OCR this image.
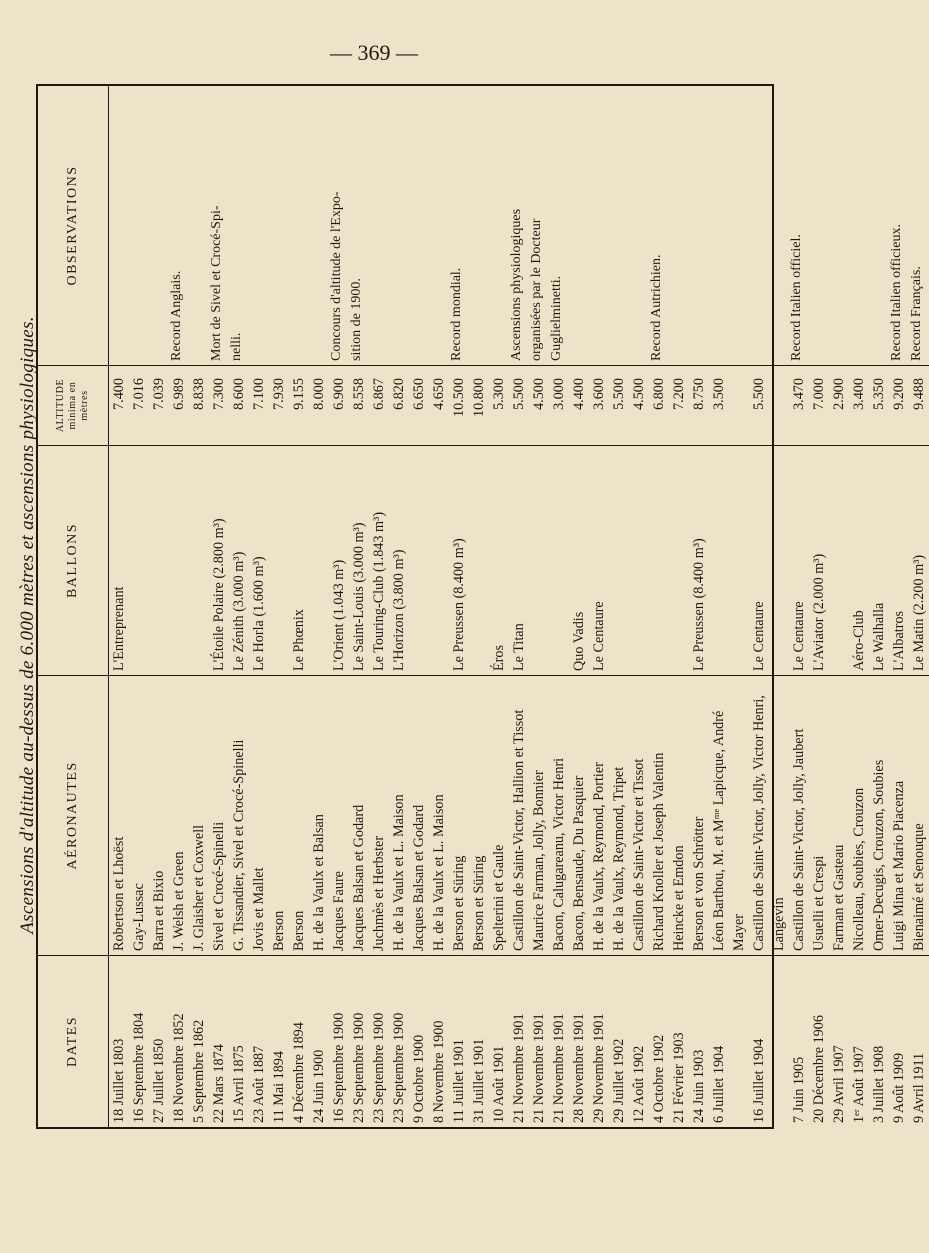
Ascensions d'altitude au-dessus de 6.000 mètres et ascensions physiologiques.
— 369 —
DATES
AÉRONAUTES
BALLONS
ALTITUDE minima en mètres
OBSERVATIONS
18 Juillet 1803
Robertson et Lhoëst
L'Entreprenant
7.400
16 Septembre 1804
Gay-Lussac
7.016
27 Juillet 1850
Barra et Bixio
7.039
18 Novembre 1852
J. Welsh et Green
6.989
Record Anglais.
5 Septembre 1862
J. Glaisher et Coxwell
8.838
22 Mars 1874
Sivel et Crocé-Spinelli
L'Étoile Polaire (2.800 m³)
7.300
Mort de Sivel et Crocé-Spi-
15 Avril 1875
G. Tissandier, Sivel et Crocé-Spinelli
Le Zénith (3.000 m³)
8.600
nelli.
23 Août 1887
Jovis et Mallet
Le Horla (1.600 m³)
7.100
11 Mai 1894
Berson
7.930
4 Décembre 1894
Berson
Le Phœnix
9.155
24 Juin 1900
H. de la Vaulx et Balsan
8.000
16 Septembre 1900
Jacques Faure
L'Orient (1.043 m³)
6.900
Concours d'altitude de l'Expo-
23 Septembre 1900
Jacques Balsan et Godard
Le Saint-Louis (3.000 m³)
8.558
sition de 1900.
23 Septembre 1900
Juchmès et Herbster
Le Touring-Club (1.843 m³)
6.867
23 Septembre 1900
H. de la Vaulx et L. Maison
L'Horizon (3.800 m³)
6.820
9 Octobre 1900
Jacques Balsan et Godard
6.650
8 Novembre 1900
H. de la Vaulx et L. Maison
4.650
11 Juillet 1901
Berson et Süring
Le Preussen (8.400 m³)
10.500
Record mondial.
31 Juillet 1901
Berson et Süring
10.800
10 Août 1901
Spelterini et Gaule
Éros
5.300
21 Novembre 1901
Castillon de Saint-Victor, Hallion et Tissot
Le Titan
5.500
Ascensions physiologiques
21 Novembre 1901
Maurice Farman, Jolly, Bonnier
4.500
organisées par le Docteur
21 Novembre 1901
Bacon, Calugareanu, Victor Henri
3.000
Guglielminetti.
28 Novembre 1901
Bacon, Bensaude, Du Pasquier
Quo Vadis
4.400
29 Novembre 1901
H. de la Vaulx, Reymond, Portier
Le Centaure
3.600
29 Juillet 1902
H. de la Vaulx, Reymond, Tripet
5.500
12 Août 1902
Castillon de Saint-Victor et Tissot
4.500
4 Octobre 1902
Richard Knoller et Joseph Valentin
6.800
Record Autrichien.
21 Février 1903
Heincke et Emdon
7.200
24 Juin 1903
Berson et von Schrötter
Le Preussen (8.400 m³)
8.750
6 Juillet 1904
Léon Barthou, M. et Mᵐᵉ Lapicque, André
3.500
Mayer
16 Juillet 1904
Castillon de Saint-Victor, Jolly, Victor Henri,
Le Centaure
5.500
Langevin
7 Juin 1905
Castillon de Saint-Victor, Jolly, Jaubert
Le Centaure
3.470
Record Italien officiel.
20 Décembre 1906
Usuelli et Crespi
L'Aviator (2.000 m³)
7.000
29 Avril 1907
Farman et Gasteau
2.900
1ᵉʳ Août 1907
Nicolleau, Soubies, Crouzon
Aéro-Club
3.400
3 Juillet 1908
Omer-Decugis, Crouzon, Soubies
Le Walhalla
5.350
9 Août 1909
Luigi Mina et Mario Piacenza
L'Albatros
9.200
Record Italien officieux.
9 Avril 1911
Bienaimé et Senouque
Le Matin (2.200 m³)
9.488
Record Français.
